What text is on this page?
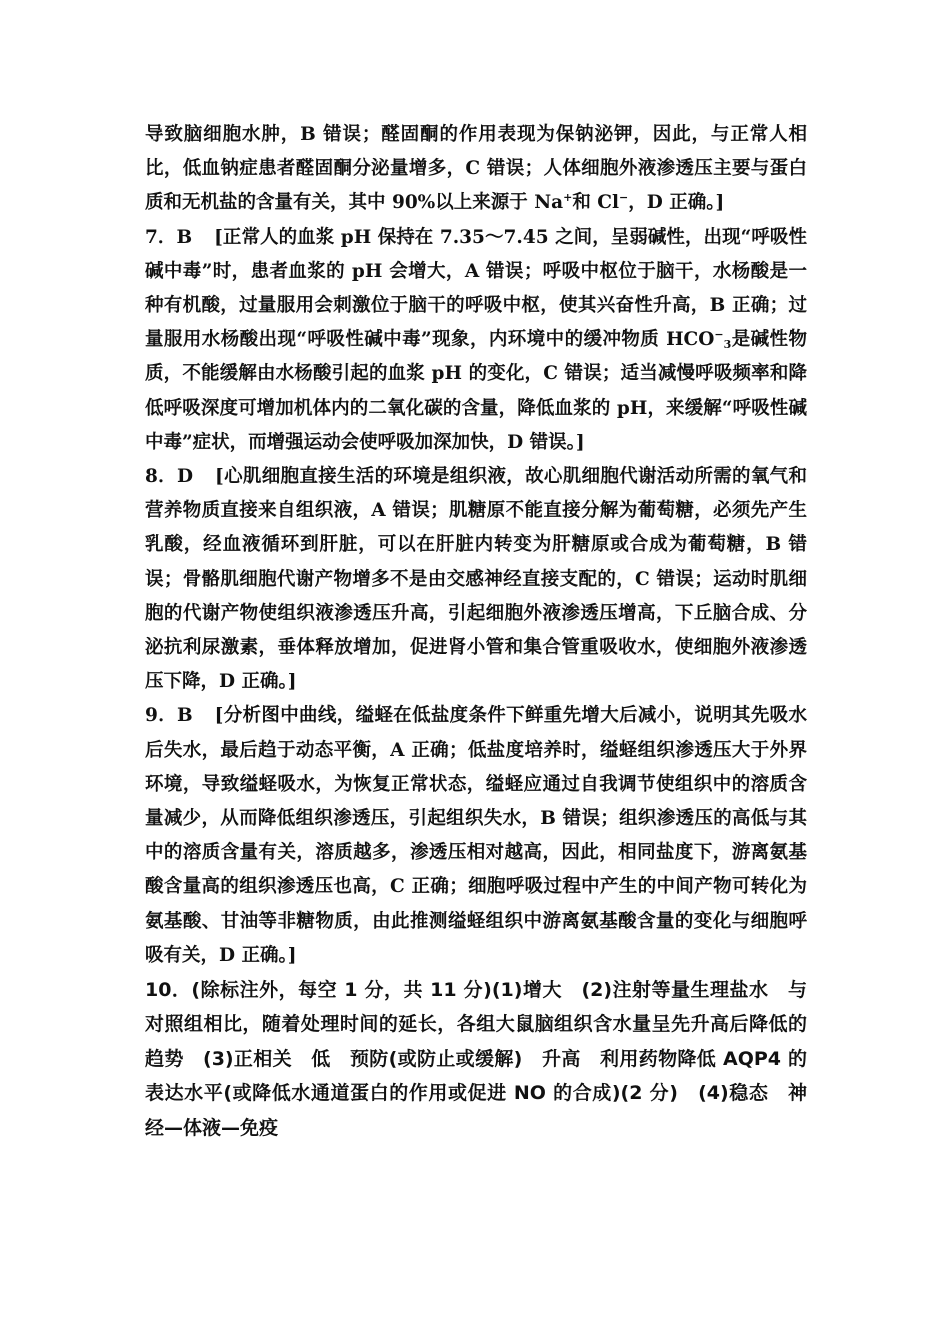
导致脑细胞水肿，B 错误；醛固酮的作用表现为保钠泌钾，因此，与正常人相比，低血钠症患者醛固酮分泌量增多，C 错误；人体细胞外液渗透压主要与蛋白质和无机盐的含量有关，其中 90%以上来源于 Na+和 Cl−，D 正确。]

7．B [正常人的血浆 pH 保持在 7.35～7.45 之间，呈弱碱性，出现“呼吸性碱中毒”时，患者血浆的 pH 会增大，A 错误；呼吸中枢位于脑干，水杨酸是一种有机酸，过量服用会刺激位于脑干的呼吸中枢，使其兴奋性升高，B 正确；过量服用水杨酸出现“呼吸性碱中毒”现象，内环境中的缓冲物质 $HCO^-_3$是碱性物质，不能缓解由水杨酸引起的血浆 pH 的变化，C 错误；适当减慢呼吸频率和降低呼吸深度可增加机体内的二氧化碳的含量，降低血浆的 pH，来缓解“呼吸性碱中毒”症状，而增强运动会使呼吸加深加快，D 错误。]

8．D [心肌细胞直接生活的环境是组织液，故心肌细胞代谢活动所需的氧气和营养物质直接来自组织液，A 错误；肌糖原不能直接分解为葡萄糖，必须先产生乳酸，经血液循环到肝脏，可以在肝脏内转变为肝糖原或合成为葡萄糖，B 错误；骨骼肌细胞代谢产物增多不是由交感神经直接支配的，C 错误；运动时肌细胞的代谢产物使组织液渗透压升高，引起细胞外液渗透压增高，下丘脑合成、分泌抗利尿激素，垂体释放增加，促进肾小管和集合管重吸收水，使细胞外液渗透压下降，D 正确。]

9．B [分析图中曲线，缢蛏在低盐度条件下鲜重先增大后减小，说明其先吸水后失水，最后趋于动态平衡，A 正确；低盐度培养时，缢蛏组织渗透压大于外界环境，导致缢蛏吸水，为恢复正常状态，缢蛏应通过自我调节使组织中的溶质含量减少，从而降低组织渗透压，引起组织失水，B 错误；组织渗透压的高低与其中的溶质含量有关，溶质越多，渗透压相对越高，因此，相同盐度下，游离氨基酸含量高的组织渗透压也高，C 正确；细胞呼吸过程中产生的中间产物可转化为氨基酸、甘油等非糖物质，由此推测缢蛏组织中游离氨基酸含量的变化与细胞呼吸有关，D 正确。]

10．(除标注外，每空 1 分，共 11 分)(1)增大　(2)注射等量生理盐水　与对照组相比，随着处理时间的延长，各组大鼠脑组织含水量呈先升高后降低的趋势　(3)正相关　低　预防(或防止或缓解)　升高　利用药物降低 AQP4 的表达水平(或降低水通道蛋白的作用或促进 NO 的合成)(2 分)　(4)稳态　神经—体液—免疫
